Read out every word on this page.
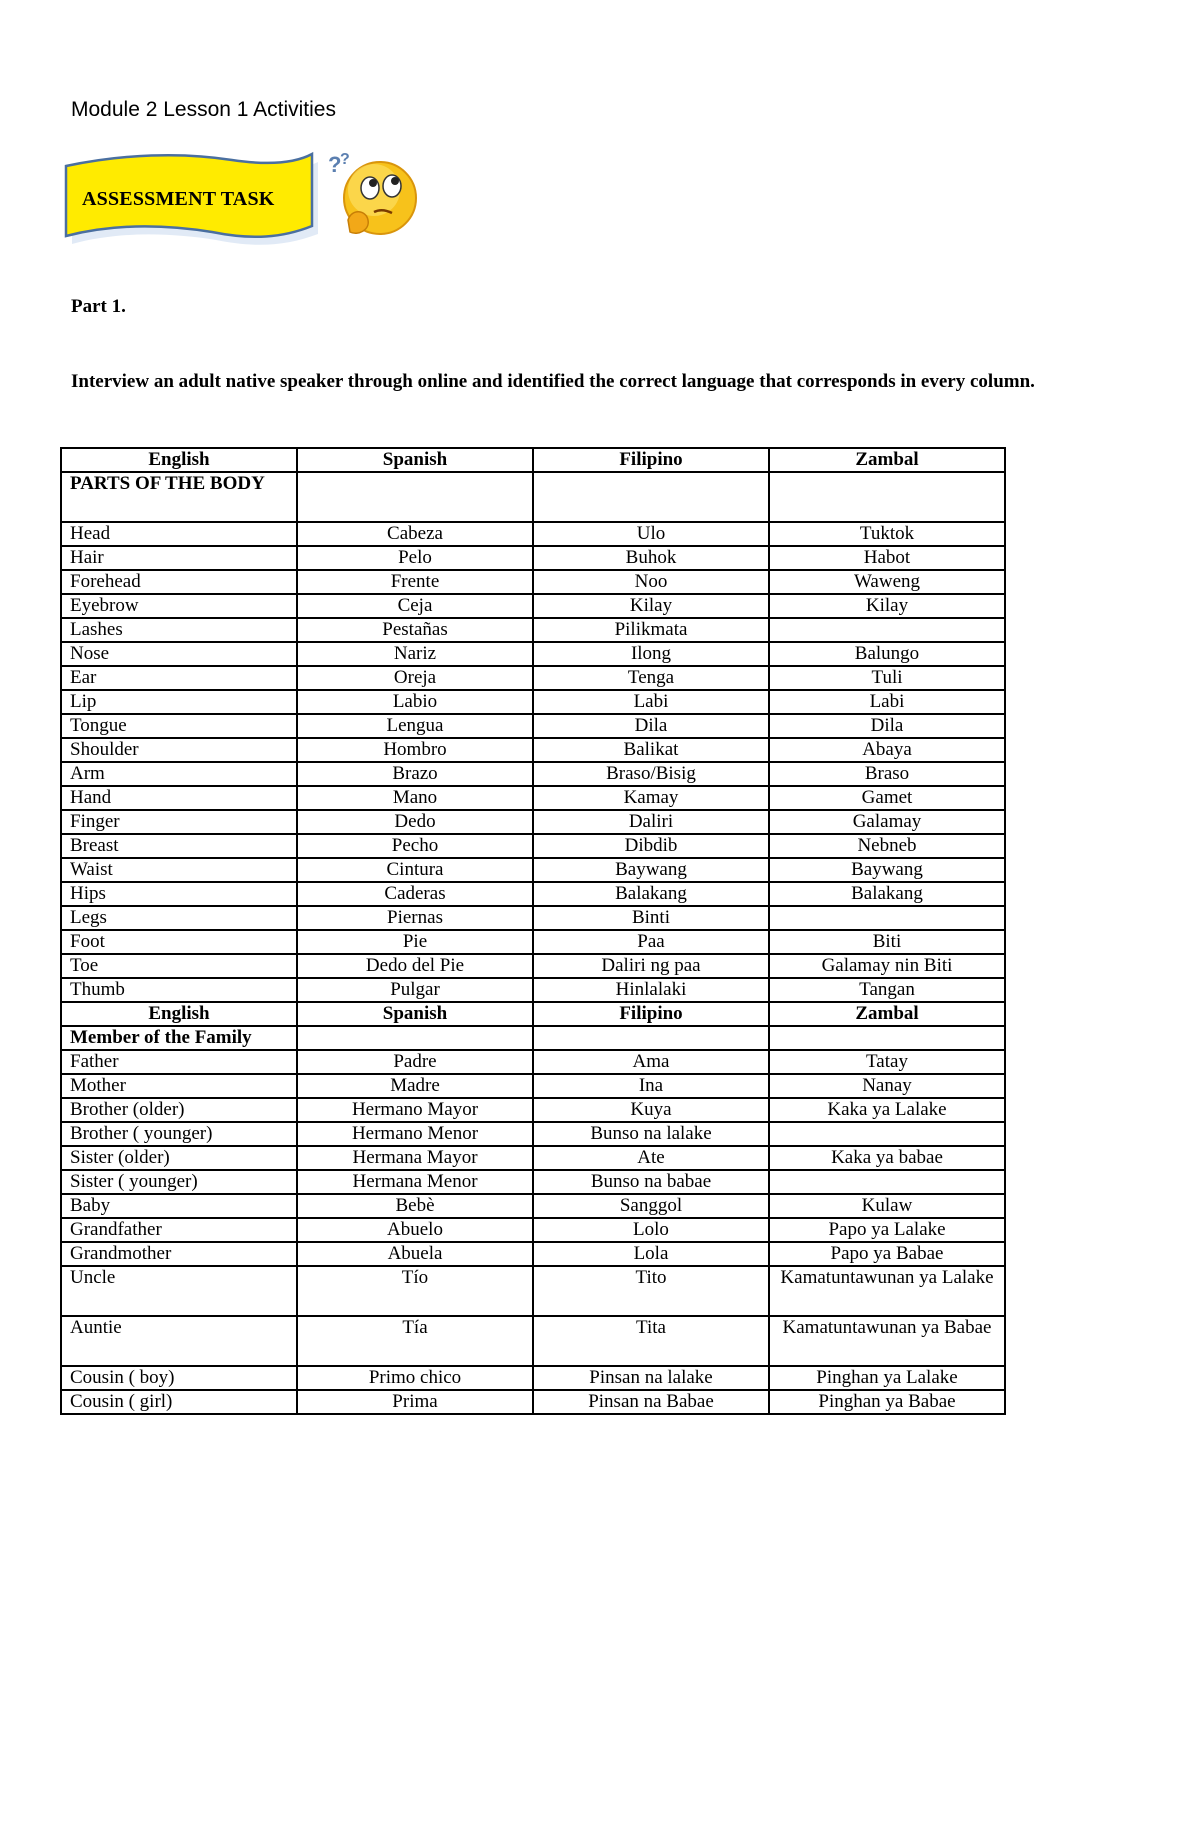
Module 2 Lesson 1 Activities
ASSESSMENT TASK
?
?
Part 1.
Interview an adult native speaker through online and identified the correct language that corresponds in every column.
English	Spanish	Filipino	Zambal
PARTS OF THE BODY			
Head	Cabeza	Ulo	Tuktok
Hair	Pelo	Buhok	Habot
Forehead	Frente	Noo	Waweng
Eyebrow	Ceja	Kilay	Kilay
Lashes	Pestañas	Pilikmata	
Nose	Nariz	Ilong	Balungo
Ear	Oreja	Tenga	Tuli
Lip	Labio	Labi	Labi
Tongue	Lengua	Dila	Dila
Shoulder	Hombro	Balikat	Abaya
Arm	Brazo	Braso/Bisig	Braso
Hand	Mano	Kamay	Gamet
Finger	Dedo	Daliri	Galamay
Breast	Pecho	Dibdib	Nebneb
Waist	Cintura	Baywang	Baywang
Hips	Caderas	Balakang	Balakang
Legs	Piernas	Binti	
Foot	Pie	Paa	Biti
Toe	Dedo del Pie	Daliri ng paa	Galamay nin Biti
Thumb	Pulgar	Hinlalaki	Tangan
English	Spanish	Filipino	Zambal
Member of the Family			
Father	Padre	Ama	Tatay
Mother	Madre	Ina	Nanay
Brother (older)	Hermano Mayor	Kuya	Kaka ya Lalake
Brother ( younger)	Hermano Menor	Bunso na lalake	
Sister (older)	Hermana Mayor	Ate	Kaka ya babae
Sister ( younger)	Hermana Menor	Bunso na babae	
Baby	Bebè	Sanggol	Kulaw
Grandfather	Abuelo	Lolo	Papo ya Lalake
Grandmother	Abuela	Lola	Papo ya Babae
Uncle	Tío	Tito	Kamatuntawunan ya Lalake
Auntie	Tía	Tita	Kamatuntawunan ya Babae
Cousin ( boy)	Primo chico	Pinsan na lalake	Pinghan ya Lalake
Cousin ( girl)	Prima	Pinsan na Babae	Pinghan ya Babae
